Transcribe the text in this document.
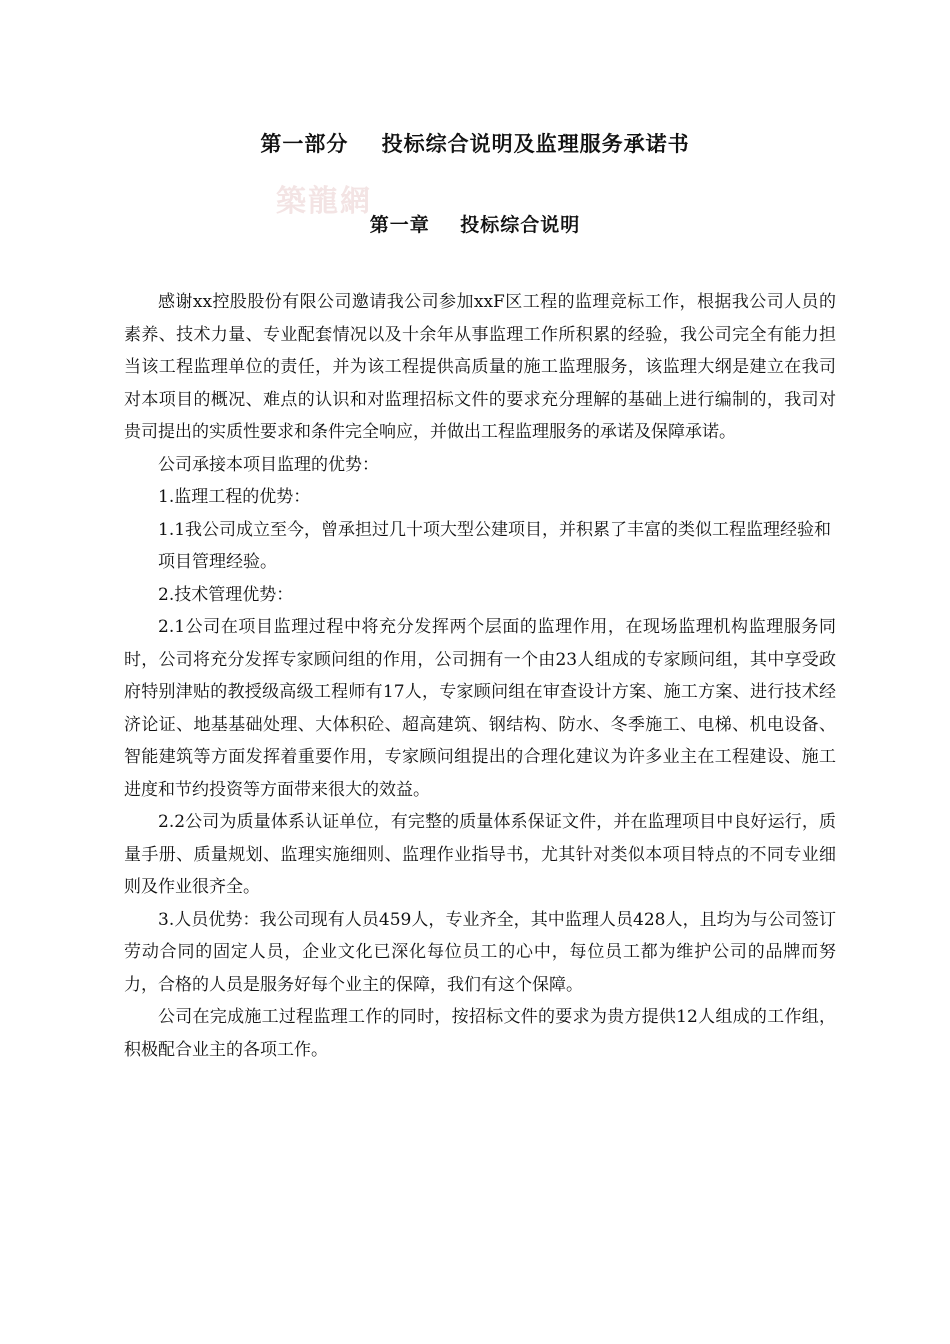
第一部分    投标综合说明及监理服务承诺书
築龍網
第一章    投标综合说明

感谢xx控股股份有限公司邀请我公司参加xxF区工程的监理竞标工作，根据我公司人员的素养、技术力量、专业配套情况以及十余年从事监理工作所积累的经验，我公司完全有能力担当该工程监理单位的责任，并为该工程提供高质量的施工监理服务，该监理大纲是建立在我司对本项目的概况、难点的认识和对监理招标文件的要求充分理解的基础上进行编制的，我司对贵司提出的实质性要求和条件完全响应，并做出工程监理服务的承诺及保障承诺。

公司承接本项目监理的优势：

1.监理工程的优势：

1.1我公司成立至今，曾承担过几十项大型公建项目，并积累了丰富的类似工程监理经验和项目管理经验。

2.技术管理优势：

2.1公司在项目监理过程中将充分发挥两个层面的监理作用，在现场监理机构监理服务同时，公司将充分发挥专家顾问组的作用，公司拥有一个由23人组成的专家顾问组，其中享受政府特别津贴的教授级高级工程师有17人，专家顾问组在审查设计方案、施工方案、进行技术经济论证、地基基础处理、大体积砼、超高建筑、钢结构、防水、冬季施工、电梯、机电设备、智能建筑等方面发挥着重要作用，专家顾问组提出的合理化建议为许多业主在工程建设、施工进度和节约投资等方面带来很大的效益。

2.2公司为质量体系认证单位，有完整的质量体系保证文件，并在监理项目中良好运行，质量手册、质量规划、监理实施细则、监理作业指导书，尤其针对类似本项目特点的不同专业细则及作业很齐全。

3.人员优势：我公司现有人员459人，专业齐全，其中监理人员428人，且均为与公司签订劳动合同的固定人员，企业文化已深化每位员工的心中，每位员工都为维护公司的品牌而努力，合格的人员是服务好每个业主的保障，我们有这个保障。

公司在完成施工过程监理工作的同时，按招标文件的要求为贵方提供12人组成的工作组，积极配合业主的各项工作。
